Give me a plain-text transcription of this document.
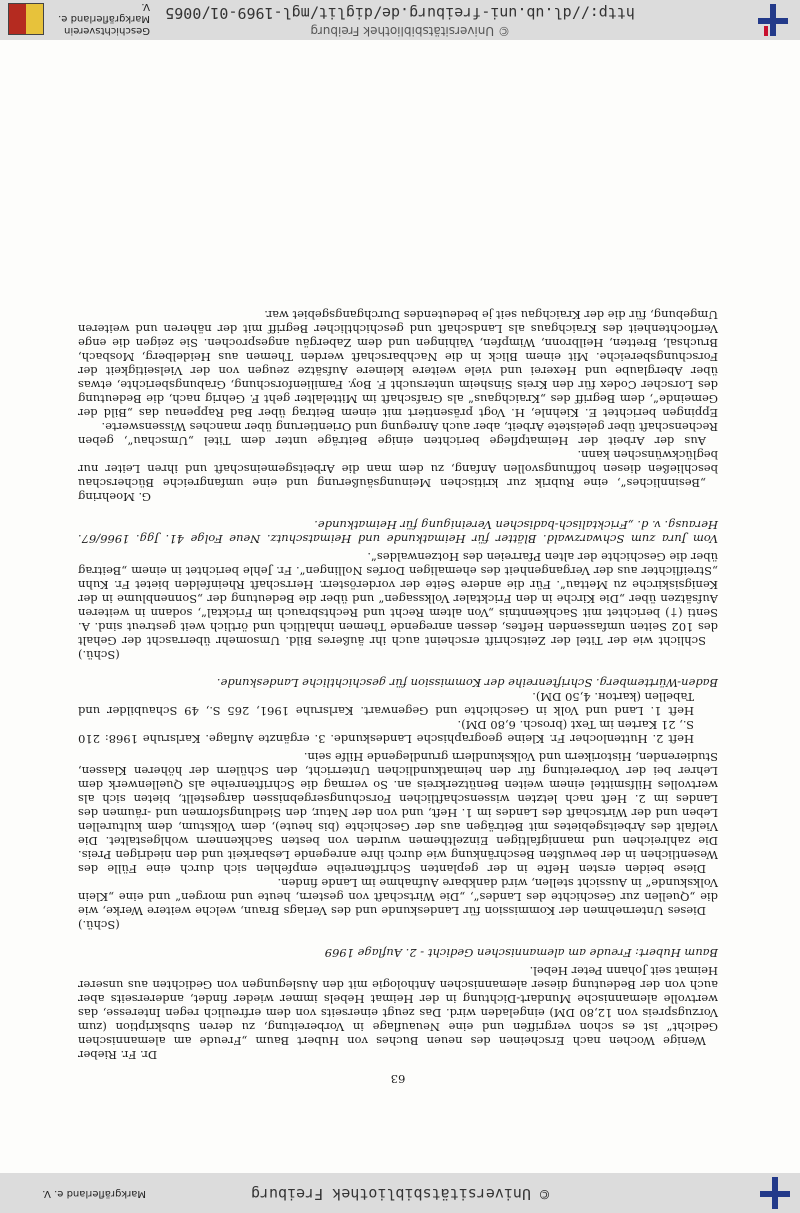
© Universitätsbibliothek Freiburg
Markgräflerland e. V.
© Universitätsbibliothek Freiburg
http://dl.ub.uni-freiburg.de/diglit/mgl-1969-01/0065
Geschichtsverein Markgräflerland e. V.

63

Dr. Fr. Rieber

Wenige Wochen nach Erscheinen des neuen Buches von Hubert Baum „Freude am alemannischen Gedicht“ ist es schon vergriffen und eine Neuauflage in Vorbereitung, zu deren Subskription (zum Vorzugspreis von 12,80 DM) eingeladen wird. Das zeugt einerseits von dem erfreulich regen Interesse, das wertvolle alemannische Mundart-Dichtung in der Heimat Hebels immer wieder findet, andererseits aber auch von der Bedeutung dieser alemannischen Anthologie mit den Auslegungen von Gedichten aus unserer Heimat seit Johann Peter Hebel.

Baum Hubert: Freude am alemannischen Gedicht - 2. Auflage 1969

(Schü.)

Dieses Unternehmen der Kommission für Landeskunde und des Verlags Braun, welche weitere Werke, wie die „Quellen zur Geschichte des Landes“, „Die Wirtschaft von gestern, heute und morgen“ und eine „Klein Volkskunde“ in Aussicht stellen, wird dankbare Aufnahme im Lande finden.

Diese beiden ersten Hefte in der geplanten Schriftenreihe empfehlen sich durch eine Fülle des Wesentlichen in der bewußten Beschränkung wie durch ihre anregende Lesbarkeit und den niedrigen Preis. Die zahlreichen und mannigfaltigen Einzelthemen wurden von besten Sachkennern wohlgestaltet. Die Vielfalt des Arbeitsgebietes mit Beiträgen aus der Geschichte (bis heute), dem Volkstum, dem kulturellen Leben und der Wirtschaft des Landes im 1. Heft, und von der Natur, den Siedlungsformen und -räumen des Landes im 2. Heft nach letzten wissenschaftlichen Forschungsergebnissen dargestellt, bieten sich als wertvolles Hilfsmittel einem weiten Benützerkreis an. So vermag die Schriftenreihe als Quellenwerk dem Lehrer bei der Vorbereitung für den heimatkundlichen Unterricht, den Schülern der höheren Klassen, Studierenden, Historikern und Volkskundlern grundlegende Hilfe sein.

Heft 2. Huttenlocher Fr. Kleine geographische Landeskunde. 3. ergänzte Auflage. Karlsruhe 1968: 210 S., 21 Karten im Text (brosch. 6,80 DM).

Heft 1. Land und Volk in Geschichte und Gegenwart. Karlsruhe 1961, 265 S., 49 Schaubilder und Tabellen (kartoн. 4,50 DM).

Baden-Württemberg. Schriftenreihe der Kommission für geschichtliche Landeskunde.

(Schü.)

Schlicht wie der Titel der Zeitschrift erscheint auch ihr äußeres Bild. Umsomehr überrascht der Gehalt des 102 Seiten umfassenden Heftes, dessen anregende Themen inhaltlich und örtlich weit gestreut sind. A. Senti (†) berichtet mit Sachkenntnis „Von altem Recht und Rechtsbrauch im Fricktal“, sodann in weiteren Aufsätzen über „Die Kirche in den Fricktaler Volkssagen“ und über die Bedeutung der „Sonnenblume in der Kenigsiskirche zu Mettau“. Für die andere Seite der vorderösterr. Herrschaft Rheinfelden bietet Fr. Kuhn „Streiflichter aus der Vergangenheit des ehemaligen Dorfes Nollingen“. Fr. Jehle berichtet in einem „Beitrag über die Geschichte der alten Pfarreien des Hotzenwaldes“.

Vom Jura zum Schwarzwald. Blätter für Heimatkunde und Heimatschutz. Neue Folge 41. Jgg. 1966/67. Herausg. v. d. „Fricktalisch-badischen Vereinigung für Heimatkunde.

G. Moehring

„Besinnliches“, eine Rubrik zur kritischen Meinungsäußerung und eine umfangreiche Bücherschau beschließen diesen hoffnungsvollen Anfang, zu dem man die Arbeitsgemeinschaft und ihren Leiter nur beglückwünschen kann.

Aus der Arbeit der Heimatpflege berichten einige Beiträge unter dem Titel „Umschau“, geben Rechenschaft über geleistete Arbeit, aber auch Anregung und Orientierung über manches Wissenswerte.

Eppingen berichtet E. Kiehnle, H. Vogt präsentiert mit einem Beitrag über Bad Rappenau das „Bild der Gemeinde“, dem Begriff des „Kraichgaus“ als Grafschaft im Mittelalter geht F. Gehrig nach, die Bedeutung des Lorscher Codex für den Kreis Sinsheim untersucht F. Boy. Familienforschung, Grabungsberichte, etwas über Aberglaube und Hexerei und viele weitere kleinere Aufsätze zeugen von der Vielseitigkeit der Forschungsbereiche. Mit einem Blick in die Nachbarschaft werden Themen aus Heidelberg, Mosbach, Bruchsal, Bretten, Heilbronn, Wimpfen, Vaihingen und dem Zabergäu angesprochen. Sie zeigen die enge Verflochtenheit des Kraichgaus als Landschaft und geschichtlicher Begriff mit der näheren und weiteren Umgebung, für die der Kraichgau seit je bedeutendes Durchgangsgebiet war.
